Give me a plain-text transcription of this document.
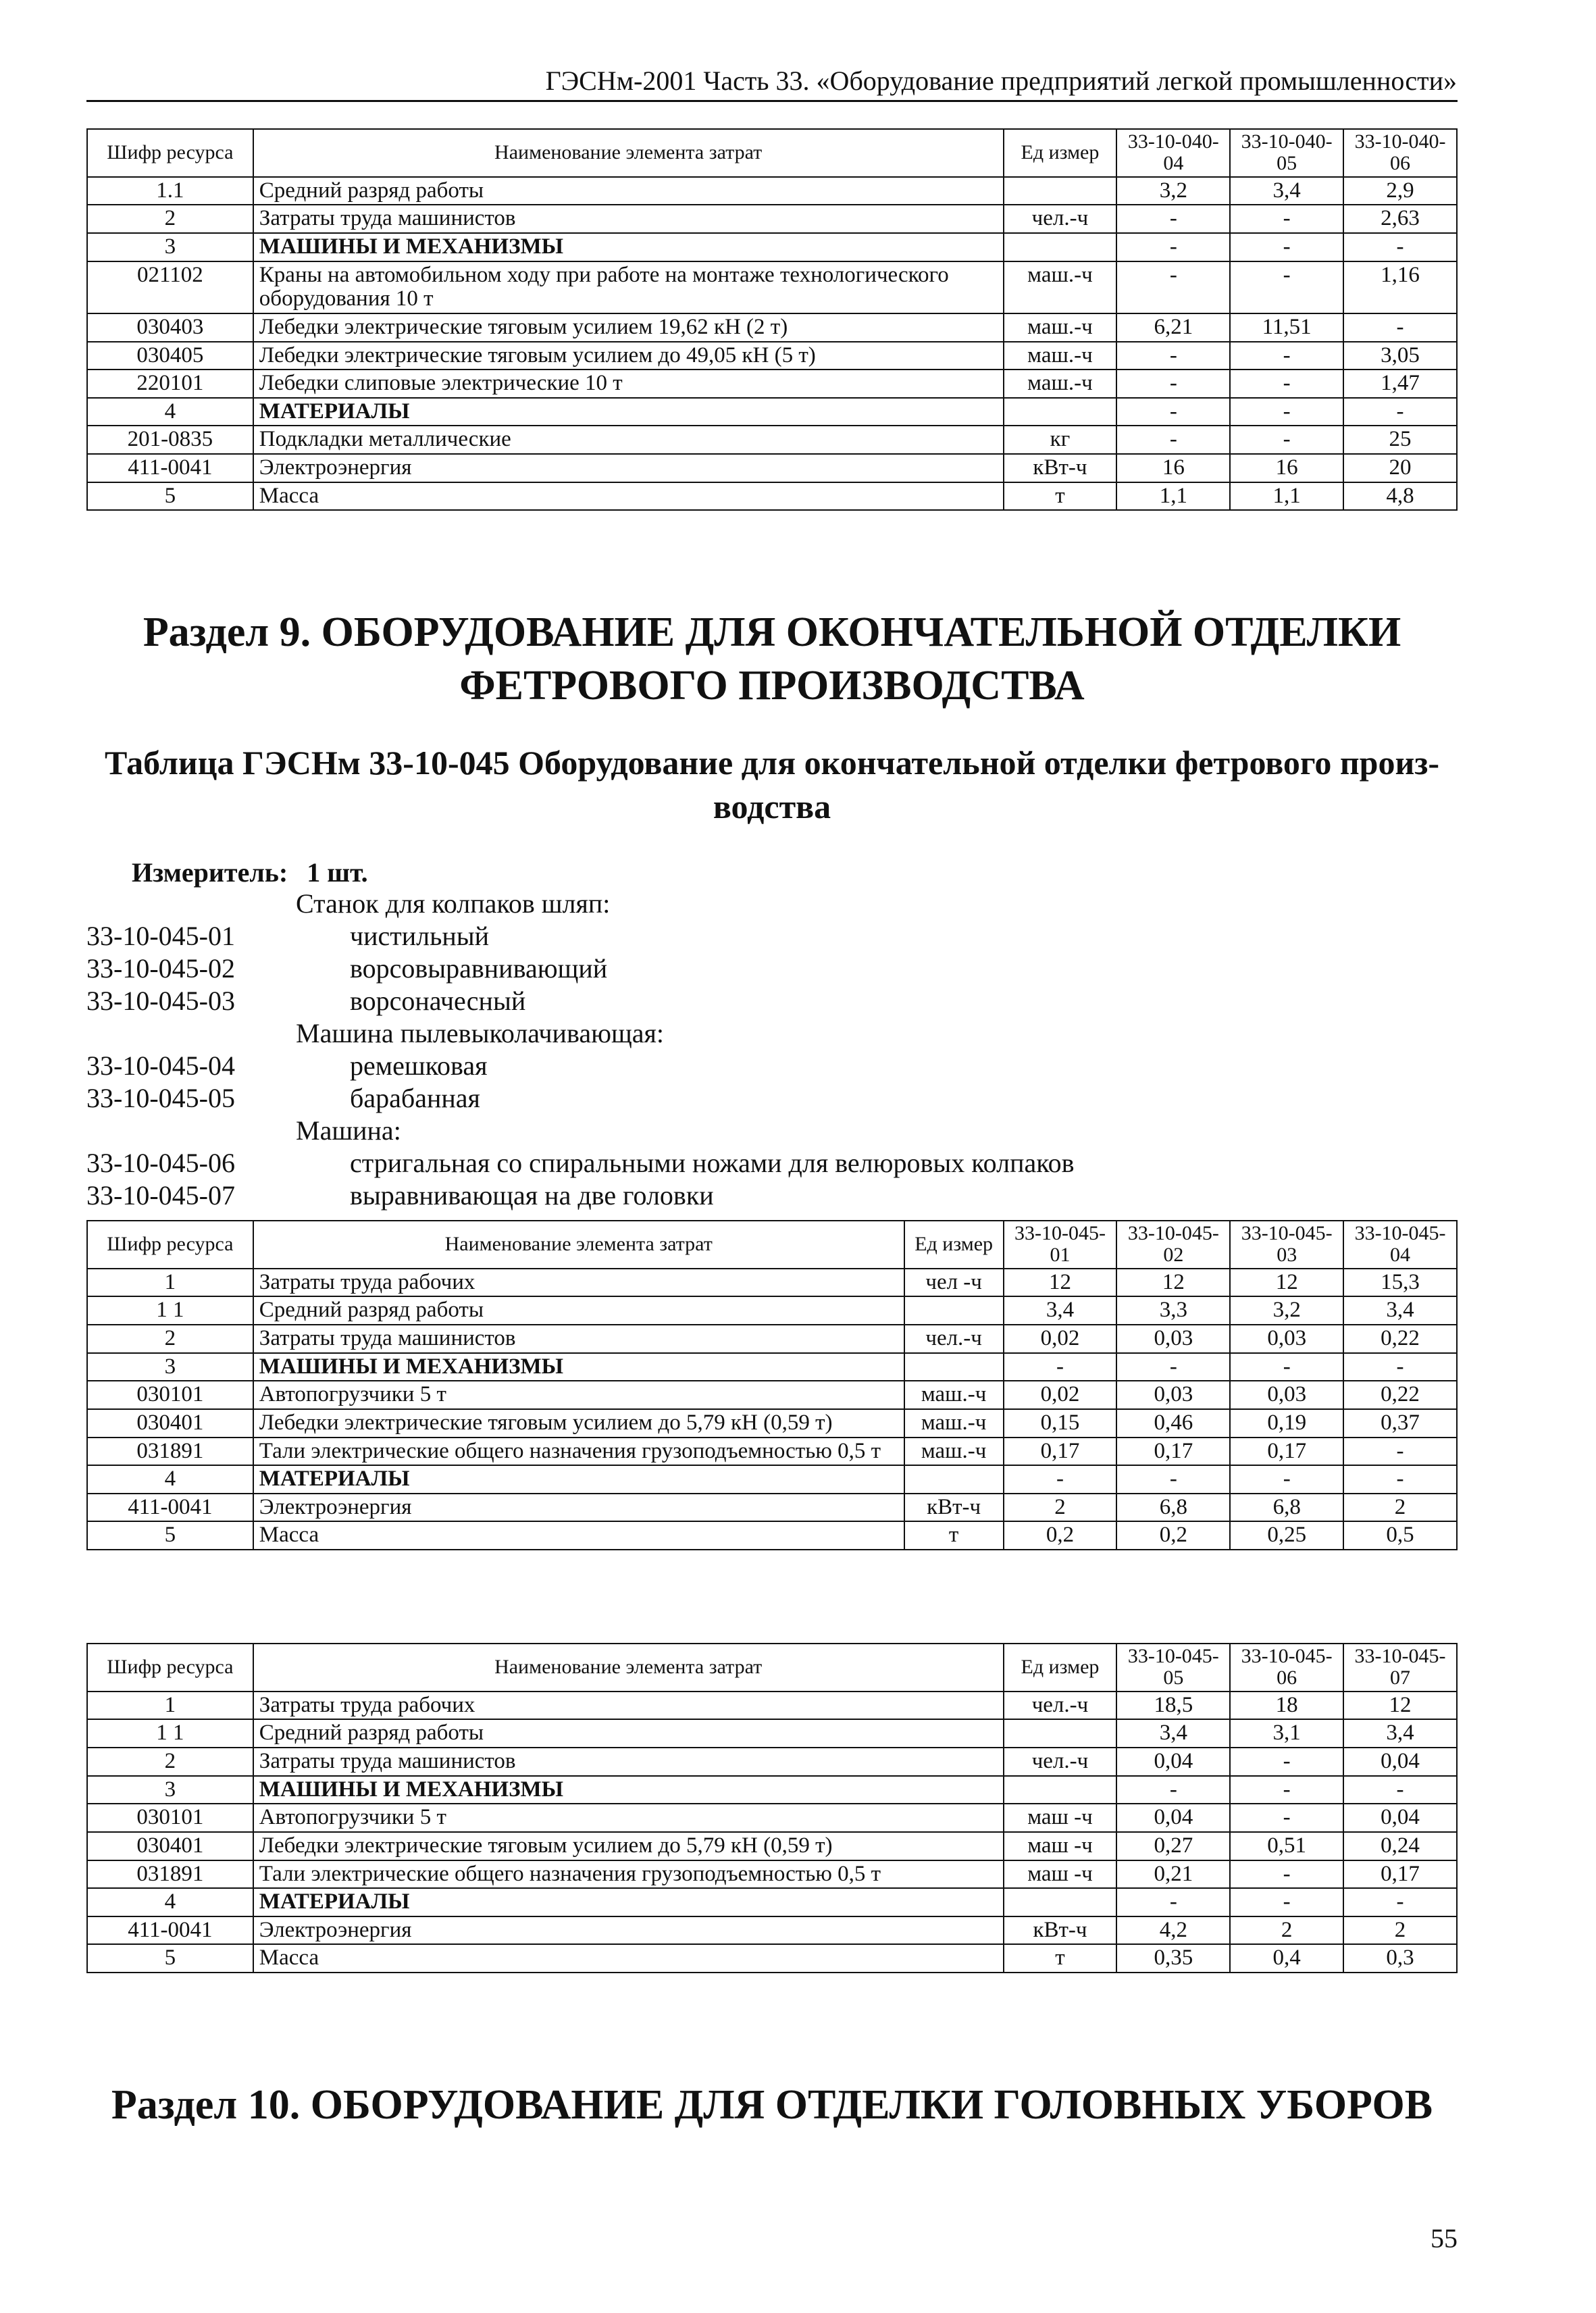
ГЭСНм-2001 Часть 33. «Оборудование предприятий легкой промышленности»
Шифр ресурса	Наименование элемента затрат	Ед измер	33-10-040-04	33-10-040-05	33-10-040-06
1.1	Средний разряд работы		3,2	3,4	2,9
2	Затраты труда машинистов	чел.-ч	-	-	2,63
3	МАШИНЫ И МЕХАНИЗМЫ		-	-	-
021102	Краны на автомобильном ходу при работе на монтаже технологического оборудования 10 т	маш.-ч	-	-	1,16
030403	Лебедки электрические тяговым усилием 19,62 кН (2 т)	маш.-ч	6,21	11,51	-
030405	Лебедки электрические тяговым усилием до 49,05 кН (5 т)	маш.-ч	-	-	3,05
220101	Лебедки слиповые электрические 10 т	маш.-ч	-	-	1,47
4	МАТЕРИАЛЫ		-	-	-
201-0835	Подкладки металлические	кг	-	-	25
411-0041	Электроэнергия	кВт-ч	16	16	20
5	Масса	т	1,1	1,1	4,8
Раздел 9. ОБОРУДОВАНИЕ ДЛЯ ОКОНЧАТЕЛЬНОЙ ОТДЕЛКИ
ФЕТРОВОГО ПРОИЗВОДСТВА
Таблица ГЭСНм 33-10-045 Оборудование для окончательной отделки фетрового произ-
водства
Измеритель: 1 шт.
Станок для колпаков шляп:
33-10-045-01	чистильный
33-10-045-02	ворсовыравнивающий
33-10-045-03	ворсоначесный
Машина пылевыколачивающая:
33-10-045-04	ремешковая
33-10-045-05	барабанная
Машина:
33-10-045-06	стригальная со спиральными ножами для велюровых колпаков
33-10-045-07	выравнивающая на две головки
Шифр ресурса	Наименование элемента затрат	Ед измер	33-10-045-01	33-10-045-02	33-10-045-03	33-10-045-04
1	Затраты труда рабочих	чел -ч	12	12	12	15,3
1 1	Средний разряд работы		3,4	3,3	3,2	3,4
2	Затраты труда машинистов	чел.-ч	0,02	0,03	0,03	0,22
3	МАШИНЫ И МЕХАНИЗМЫ		-	-	-	-
030101	Автопогрузчики 5 т	маш.-ч	0,02	0,03	0,03	0,22
030401	Лебедки электрические тяговым усилием до 5,79 кН (0,59 т)	маш.-ч	0,15	0,46	0,19	0,37
031891	Тали электрические общего назначения грузоподъемностью 0,5 т	маш.-ч	0,17	0,17	0,17	-
4	МАТЕРИАЛЫ		-	-	-	-
411-0041	Электроэнергия	кВт-ч	2	6,8	6,8	2
5	Масса	т	0,2	0,2	0,25	0,5
Шифр ресурса	Наименование элемента затрат	Ед измер	33-10-045-05	33-10-045-06	33-10-045-07
1	Затраты труда рабочих	чел.-ч	18,5	18	12
1 1	Средний разряд работы		3,4	3,1	3,4
2	Затраты труда машинистов	чел.-ч	0,04	-	0,04
3	МАШИНЫ И МЕХАНИЗМЫ		-	-	-
030101	Автопогрузчики 5 т	маш -ч	0,04	-	0,04
030401	Лебедки электрические тяговым усилием до 5,79 кН (0,59 т)	маш -ч	0,27	0,51	0,24
031891	Тали электрические общего назначения грузоподъемностью 0,5 т	маш -ч	0,21	-	0,17
4	МАТЕРИАЛЫ		-	-	-
411-0041	Электроэнергия	кВт-ч	4,2	2	2
5	Масса	т	0,35	0,4	0,3
Раздел 10. ОБОРУДОВАНИЕ ДЛЯ ОТДЕЛКИ ГОЛОВНЫХ УБОРОВ
55
